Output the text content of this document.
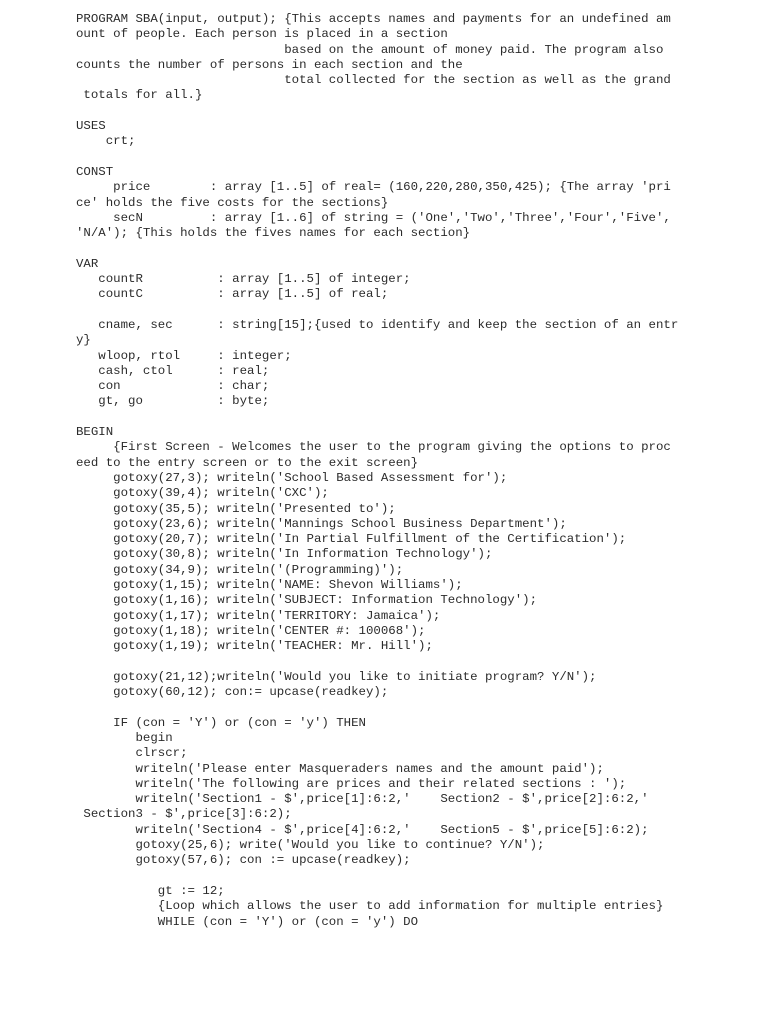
PROGRAM SBA(input, output); {This accepts names and payments for an undefined am
ount of people. Each person is placed in a section
based on the amount of money paid. The program also
counts the number of persons in each section and the
total collected for the section as well as the grand
totals for all.}
USES
crt;
CONST
price        : array [1..5] of real= (160,220,280,350,425); {The array 'pri
ce' holds the five costs for the sections}
secN         : array [1..6] of string = ('One','Two','Three','Four','Five',
'N/A'); {This holds the fives names for each section}
VAR
countR          : array [1..5] of integer;
countC          : array [1..5] of real;
cname, sec      : string[15];{used to identify and keep the section of an entr
y}
wloop, rtol     : integer;
cash, ctol      : real;
con             : char;
gt, go          : byte;
BEGIN
{First Screen - Welcomes the user to the program giving the options to proc
eed to the entry screen or to the exit screen}
gotoxy(27,3); writeln('School Based Assessment for');
gotoxy(39,4); writeln('CXC');
gotoxy(35,5); writeln('Presented to');
gotoxy(23,6); writeln('Mannings School Business Department');
gotoxy(20,7); writeln('In Partial Fulfillment of the Certification');
gotoxy(30,8); writeln('In Information Technology');
gotoxy(34,9); writeln('(Programming)');
gotoxy(1,15); writeln('NAME: Shevon Williams');
gotoxy(1,16); writeln('SUBJECT: Information Technology');
gotoxy(1,17); writeln('TERRITORY: Jamaica');
gotoxy(1,18); writeln('CENTER #: 100068');
gotoxy(1,19); writeln('TEACHER: Mr. Hill');
gotoxy(21,12);writeln('Would you like to initiate program? Y/N');
gotoxy(60,12); con:= upcase(readkey);
IF (con = 'Y') or (con = 'y') THEN
begin
clrscr;
writeln('Please enter Masqueraders names and the amount paid');
writeln('The following are prices and their related sections : ');
writeln('Section1 - $',price[1]:6:2,'    Section2 - $',price[2]:6:2,'
Section3 - $',price[3]:6:2);
writeln('Section4 - $',price[4]:6:2,'    Section5 - $',price[5]:6:2);
gotoxy(25,6); write('Would you like to continue? Y/N');
gotoxy(57,6); con := upcase(readkey);
gt := 12;
{Loop which allows the user to add information for multiple entries}
WHILE (con = 'Y') or (con = 'y') DO
